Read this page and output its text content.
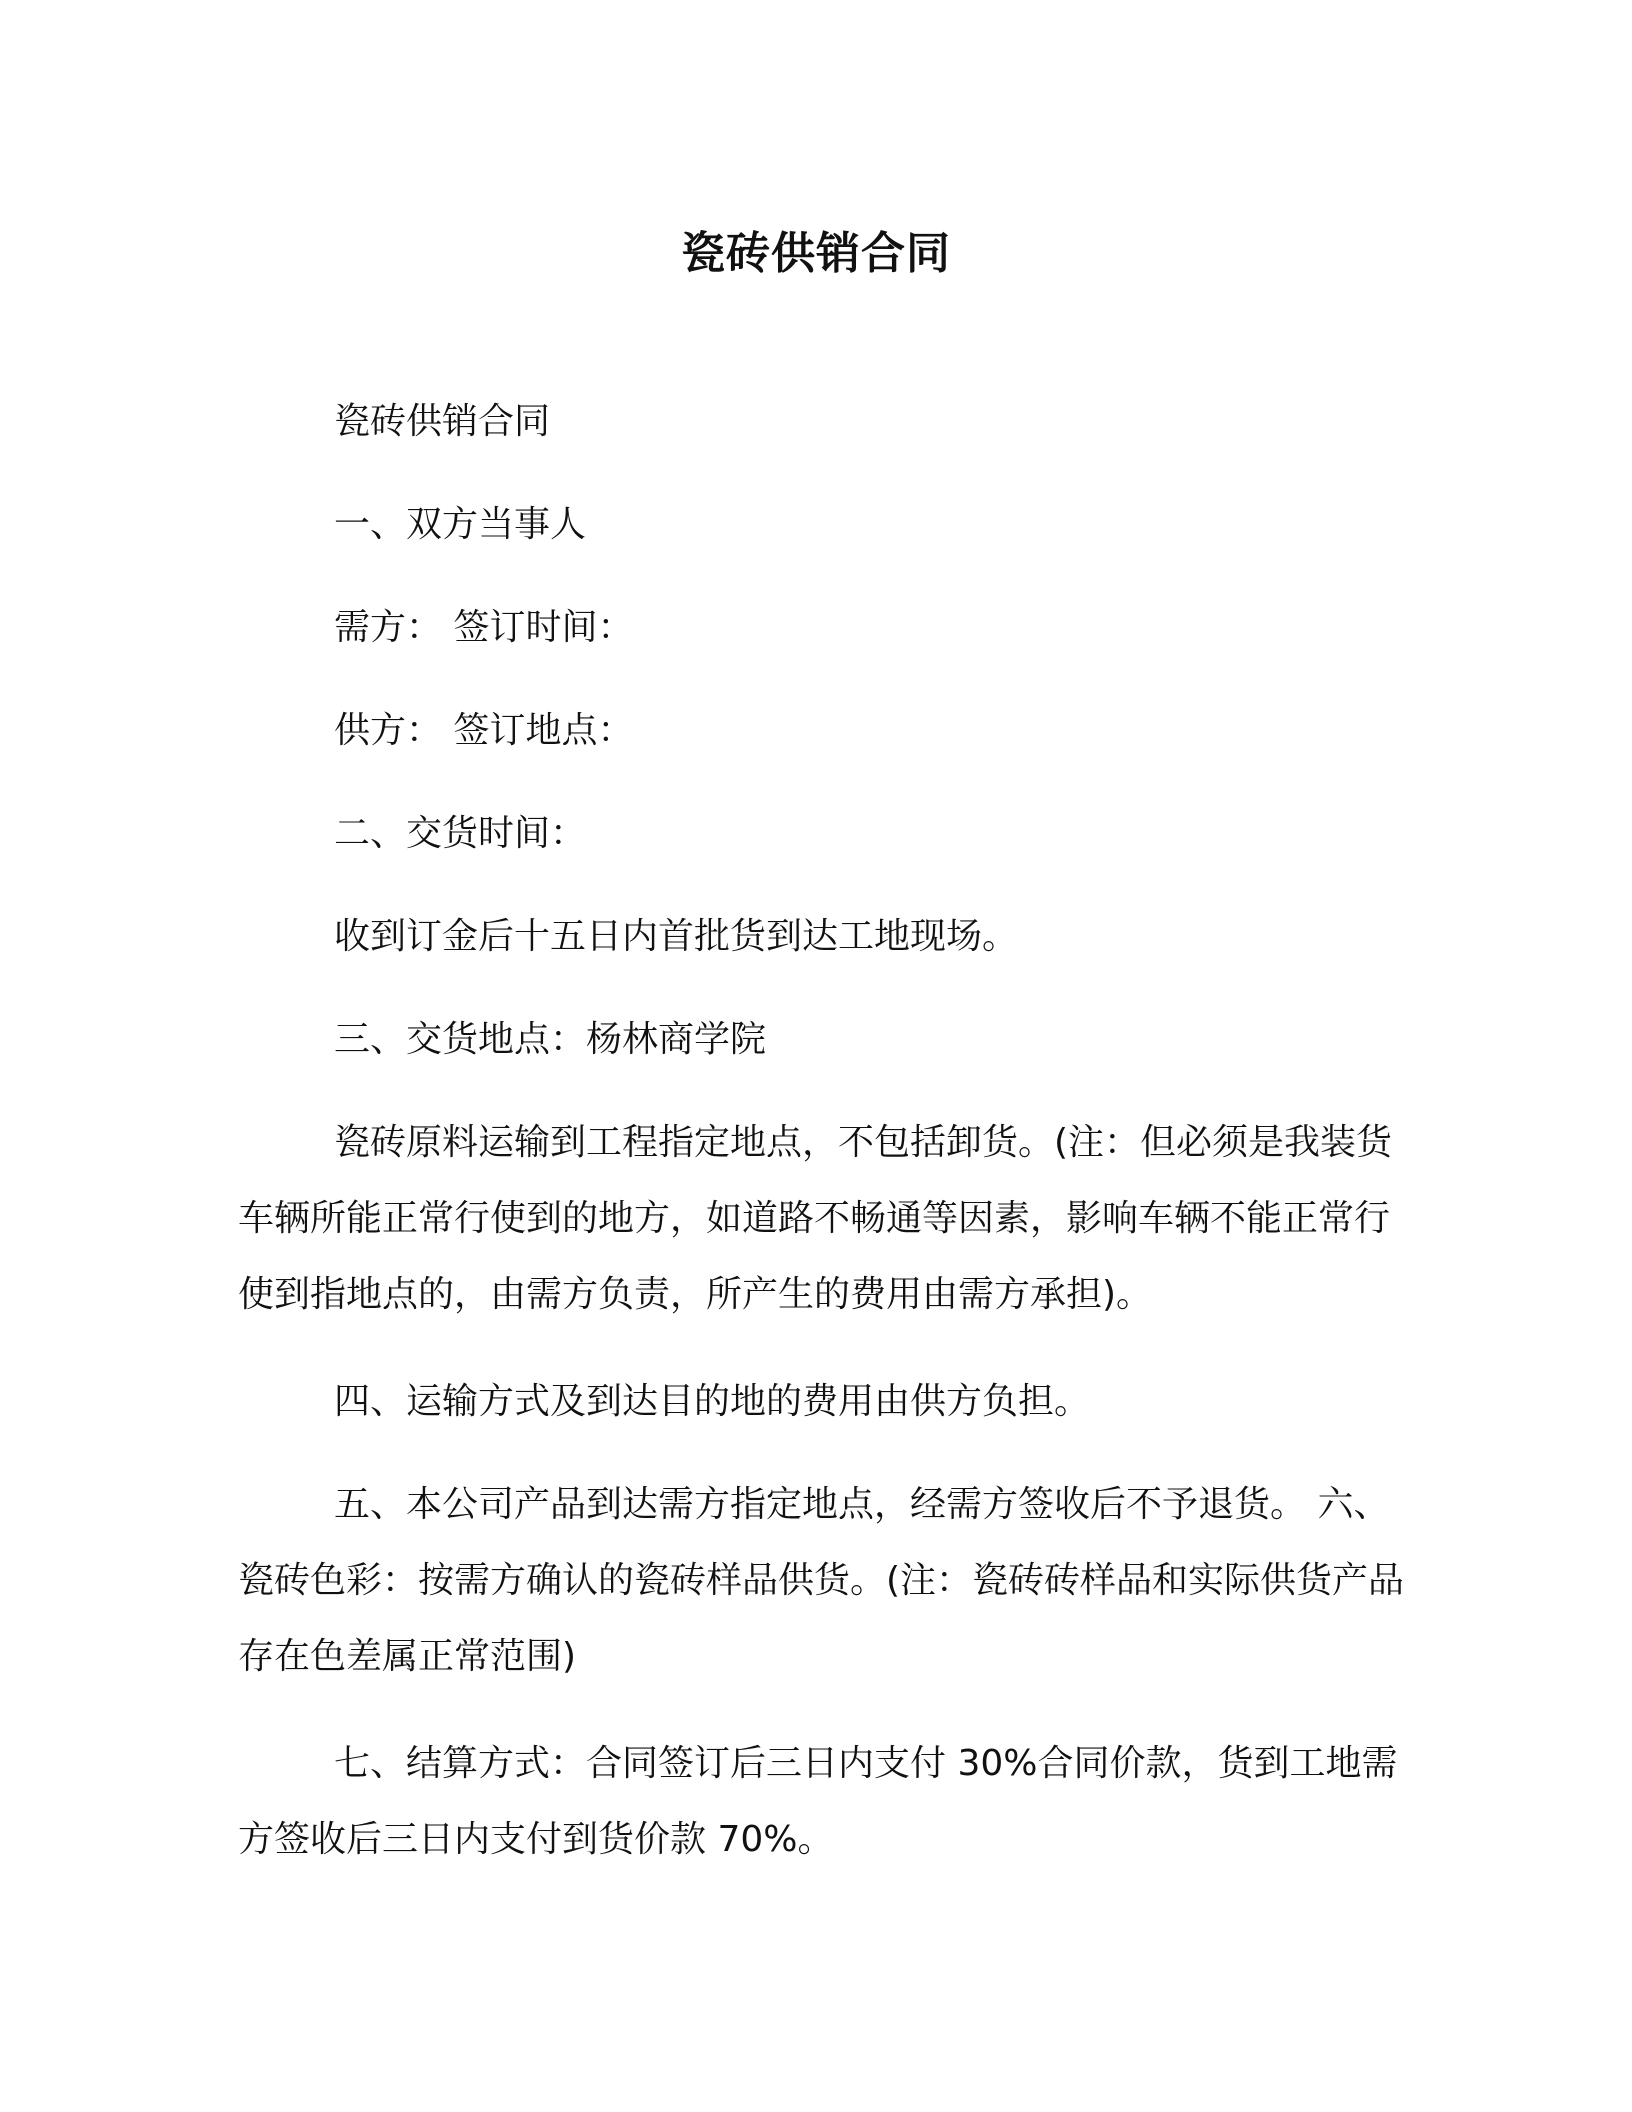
瓷砖供销合同

瓷砖供销合同

一、双方当事人

需方： 签订时间：

供方： 签订地点：

二、交货时间：

收到订金后十五日内首批货到达工地现场。

三、交货地点：杨林商学院

瓷砖原料运输到工程指定地点，不包括卸货。(注：但必须是我装货车辆所能正常行使到的地方，如道路不畅通等因素，影响车辆不能正常行使到指地点的，由需方负责，所产生的费用由需方承担)。

四、运输方式及到达目的地的费用由供方负担。

五、本公司产品到达需方指定地点，经需方签收后不予退货。 六、瓷砖色彩：按需方确认的瓷砖样品供货。(注：瓷砖砖样品和实际供货产品存在色差属正常范围)

七、结算方式：合同签订后三日内支付 30%合同价款，货到工地需方签收后三日内支付到货价款 70%。
